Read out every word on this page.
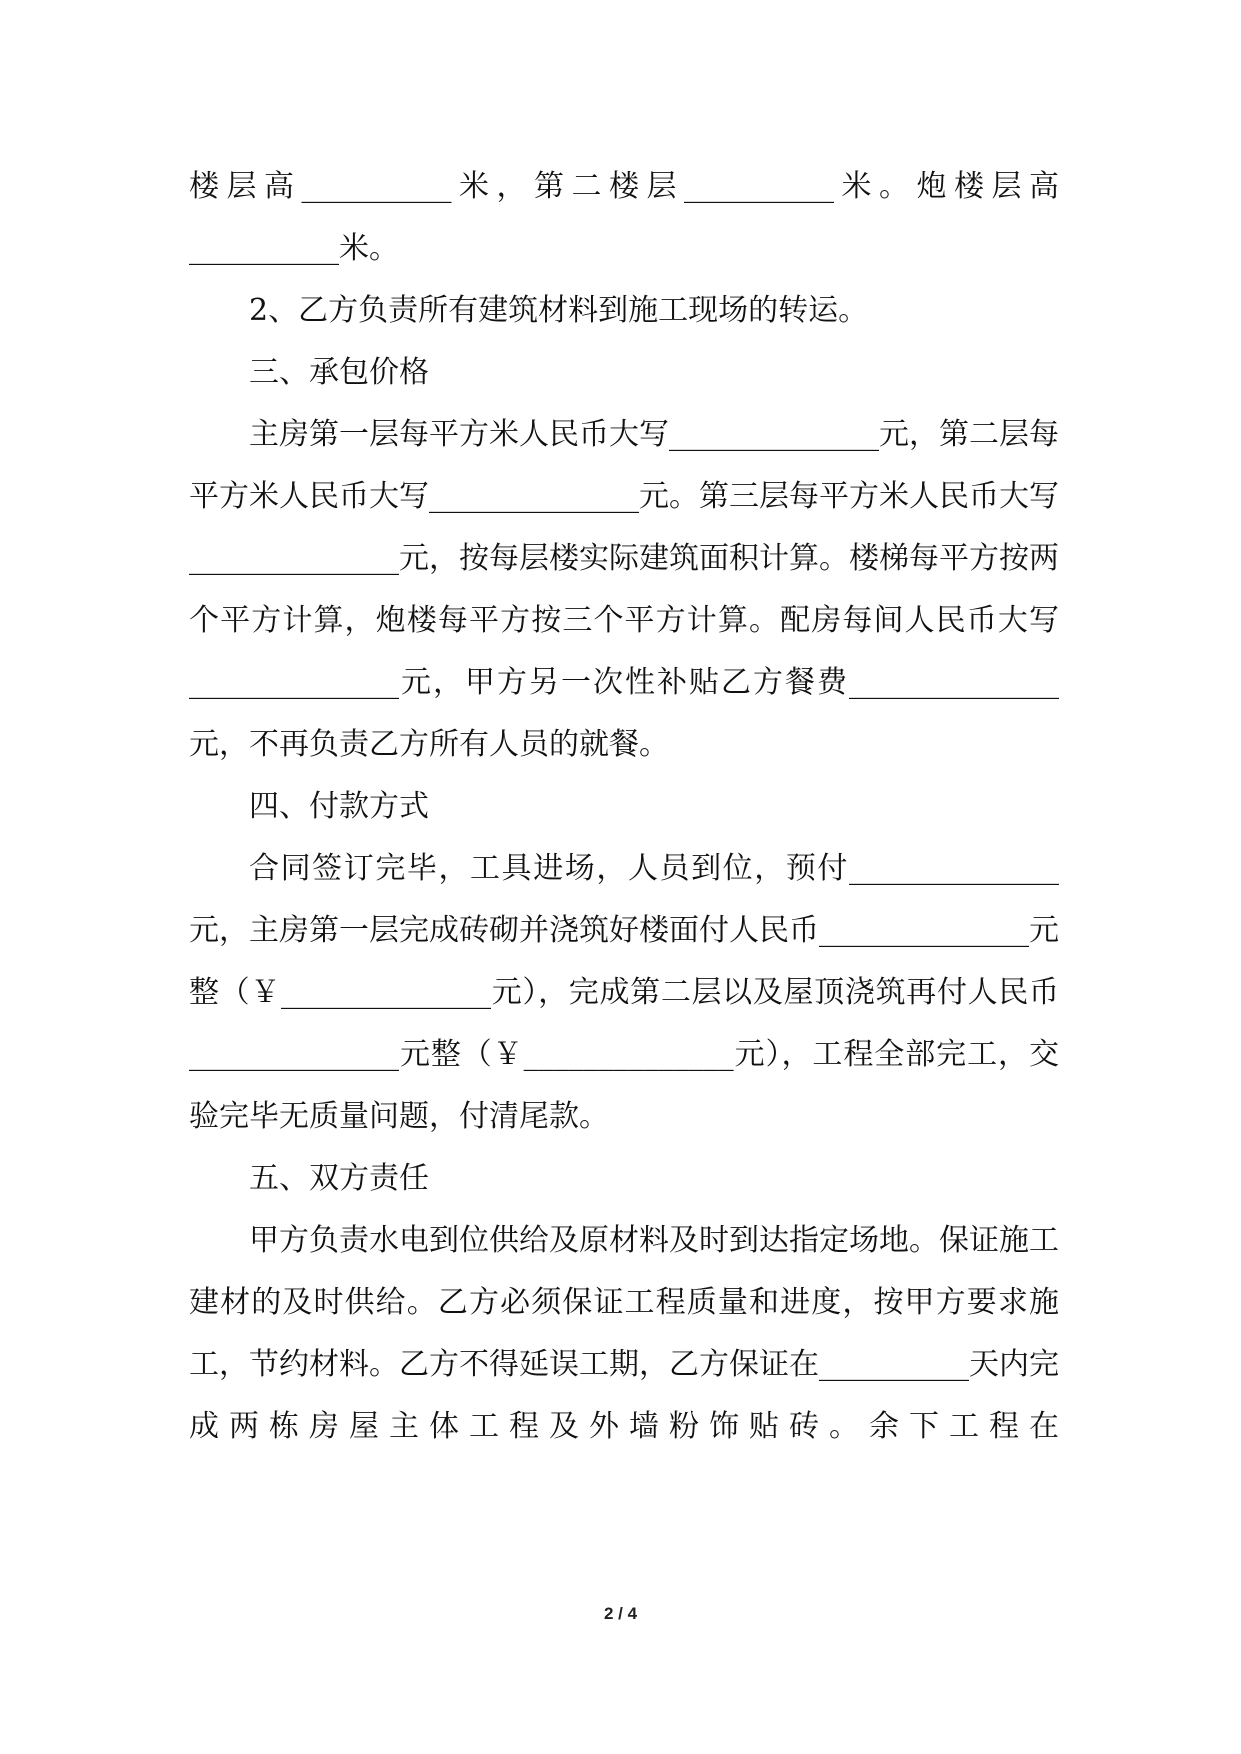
楼层高__________米，第二楼层__________米。炮楼层高__________米。

2、乙方负责所有建筑材料到施工现场的转运。

三、承包价格

主房第一层每平方米人民币大写______________元，第二层每平方米人民币大写______________元。第三层每平方米人民币大写______________元，按每层楼实际建筑面积计算。楼梯每平方按两个平方计算，炮楼每平方按三个平方计算。配房每间人民币大写______________元，甲方另一次性补贴乙方餐费______________元，不再负责乙方所有人员的就餐。

四、付款方式

合同签订完毕，工具进场，人员到位，预付______________元，主房第一层完成砖砌并浇筑好楼面付人民币______________元整（￥______________元），完成第二层以及屋顶浇筑再付人民币______________元整（￥______________元），工程全部完工，交验完毕无质量问题，付清尾款。

五、双方责任

甲方负责水电到位供给及原材料及时到达指定场地。保证施工建材的及时供给。乙方必须保证工程质量和进度，按甲方要求施工，节约材料。乙方不得延误工期，乙方保证在__________天内完成两栋房屋主体工程及外墙粉饰贴砖。余下工程在

2 / 4
